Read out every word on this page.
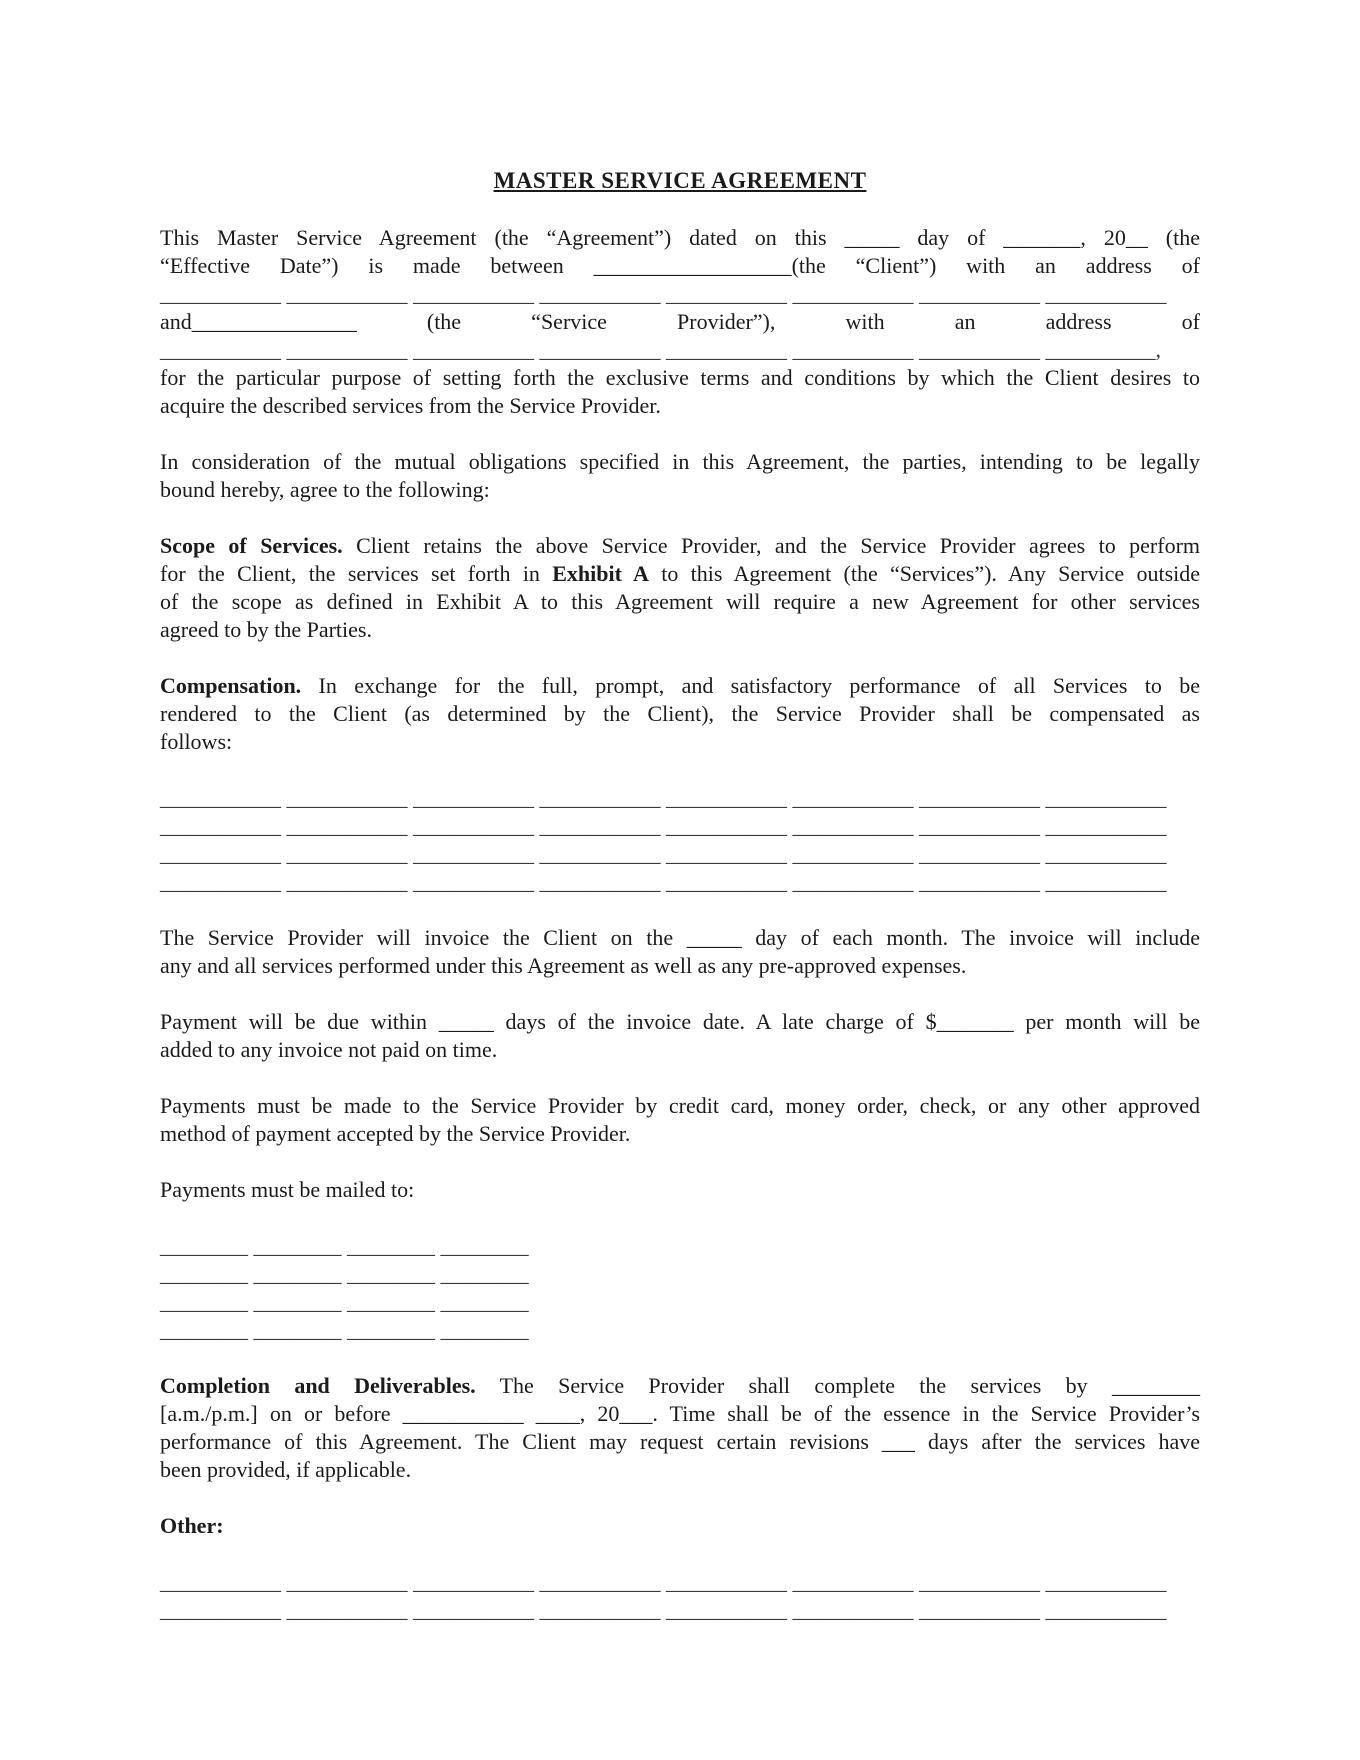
MASTER SERVICE AGREEMENT
This Master Service Agreement (the “Agreement”) dated on this _____ day of _______, 20__ (the
“Effective Date”) is made between __________________(the “Client”) with an address of
___________ ___________ ___________ ___________ ___________ ___________ ___________ ___________
and_______________ (the “Service Provider”), with an address of
___________ ___________ ___________ ___________ ___________ ___________ ___________ __________,
for the particular purpose of setting forth the exclusive terms and conditions by which the Client desires to
acquire the described services from the Service Provider.
In consideration of the mutual obligations specified in this Agreement, the parties, intending to be legally
bound hereby, agree to the following:
Scope of Services. Client retains the above Service Provider, and the Service Provider agrees to perform
for the Client, the services set forth in Exhibit A to this Agreement (the “Services”). Any Service outside
of the scope as defined in Exhibit A to this Agreement will require a new Agreement for other services
agreed to by the Parties.
Compensation. In exchange for the full, prompt, and satisfactory performance of all Services to be
rendered to the Client (as determined by the Client), the Service Provider shall be compensated as
follows:
___________ ___________ ___________ ___________ ___________ ___________ ___________ ___________
___________ ___________ ___________ ___________ ___________ ___________ ___________ ___________
___________ ___________ ___________ ___________ ___________ ___________ ___________ ___________
___________ ___________ ___________ ___________ ___________ ___________ ___________ ___________
The Service Provider will invoice the Client on the _____ day of each month. The invoice will include
any and all services performed under this Agreement as well as any pre-approved expenses.
Payment will be due within _____ days of the invoice date. A late charge of $_______ per month will be
added to any invoice not paid on time.
Payments must be made to the Service Provider by credit card, money order, check, or any other approved
method of payment accepted by the Service Provider.
Payments must be mailed to:
________ ________ ________ ________
________ ________ ________ ________
________ ________ ________ ________
________ ________ ________ ________
Completion and Deliverables. The Service Provider shall complete the services by ________
[a.m./p.m.] on or before ___________ ____, 20___. Time shall be of the essence in the Service Provider’s
performance of this Agreement. The Client may request certain revisions ___ days after the services have
been provided, if applicable.
Other:
___________ ___________ ___________ ___________ ___________ ___________ ___________ ___________
___________ ___________ ___________ ___________ ___________ ___________ ___________ ___________
